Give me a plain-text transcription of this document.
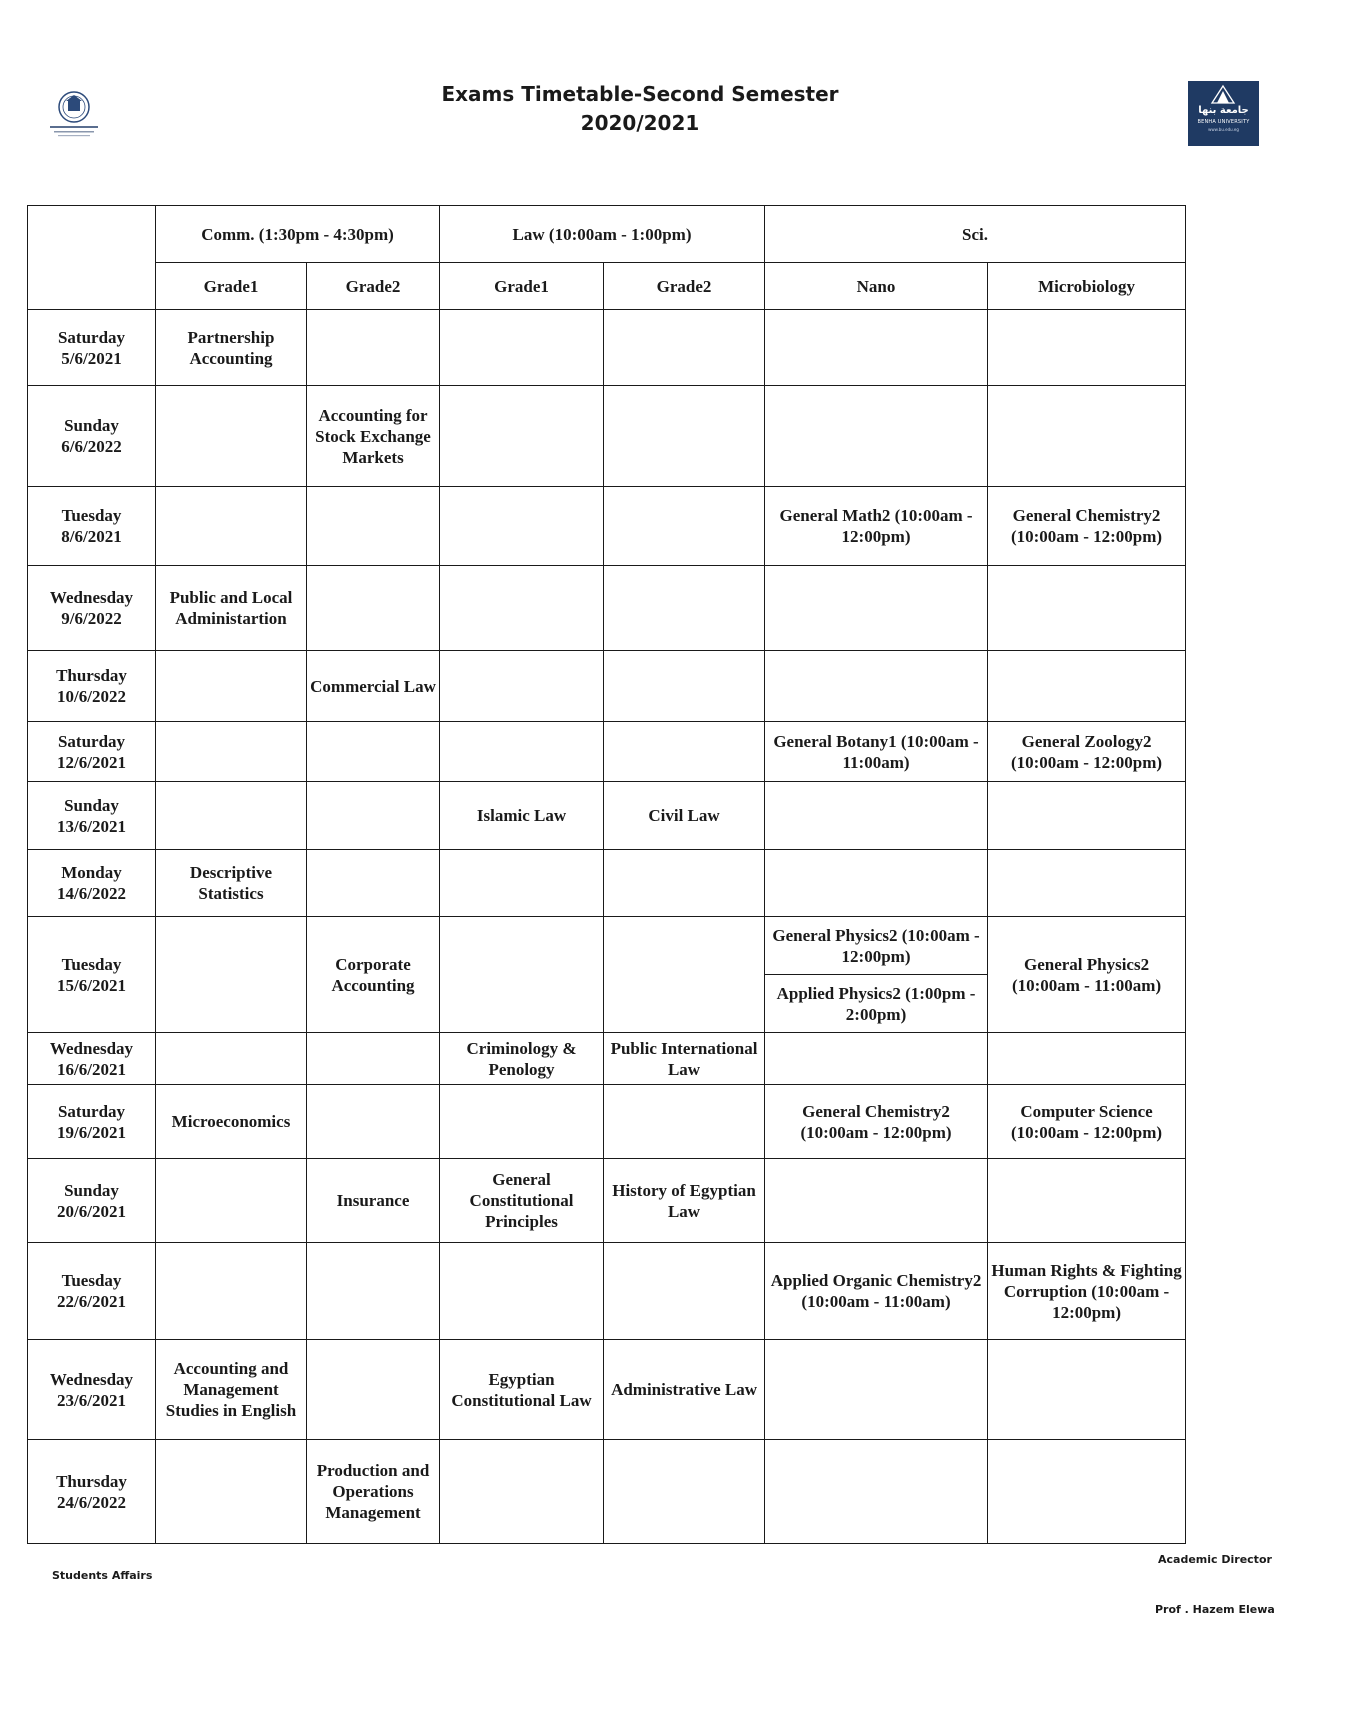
Exams Timetable-Second Semester
2020/2021
جامعة بنها
BENHA UNIVERSITY
www.bu.edu.eg
	Comm. (1:30pm - 4:30pm)		Law (10:00am - 1:00pm)		Sci.	
	Grade1	Grade2	Grade1	Grade2	Nano	Microbiology

Saturday
5/6/2021	Partnership Accounting					

Sunday
6/6/2022		Accounting for Stock Exchange Markets				

Tuesday
8/6/2021					General Math2 (10:00am - 12:00pm)	General Chemistry2 (10:00am - 12:00pm)

Wednesday
9/6/2022	Public and Local Administartion					

Thursday
10/6/2022		Commercial Law				

Saturday
12/6/2021					General Botany1 (10:00am - 11:00am)	General Zoology2 (10:00am - 12:00pm)

Sunday
13/6/2021			Islamic Law	Civil Law		

Monday
14/6/2022	Descriptive Statistics					

Tuesday
15/6/2021		Corporate Accounting			General Physics2 (10:00am - 12:00pm)	General Physics2 (10:00am - 11:00am)
					Applied Physics2 (1:00pm - 2:00pm)	

Wednesday
16/6/2021			Criminology & Penology	Public International Law		

Saturday
19/6/2021	Microeconomics				General Chemistry2 (10:00am - 12:00pm)	Computer Science (10:00am - 12:00pm)

Sunday
20/6/2021		Insurance	General Constitutional Principles	History of Egyptian Law		

Tuesday
22/6/2021					Applied Organic Chemistry2 (10:00am - 11:00am)	Human Rights & Fighting Corruption (10:00am - 12:00pm)

Wednesday
23/6/2021	Accounting and Management Studies in English		Egyptian Constitutional Law	Administrative Law		

Thursday
24/6/2022		Production and Operations Management				
Students Affairs
Academic Director
Prof . Hazem Elewa
